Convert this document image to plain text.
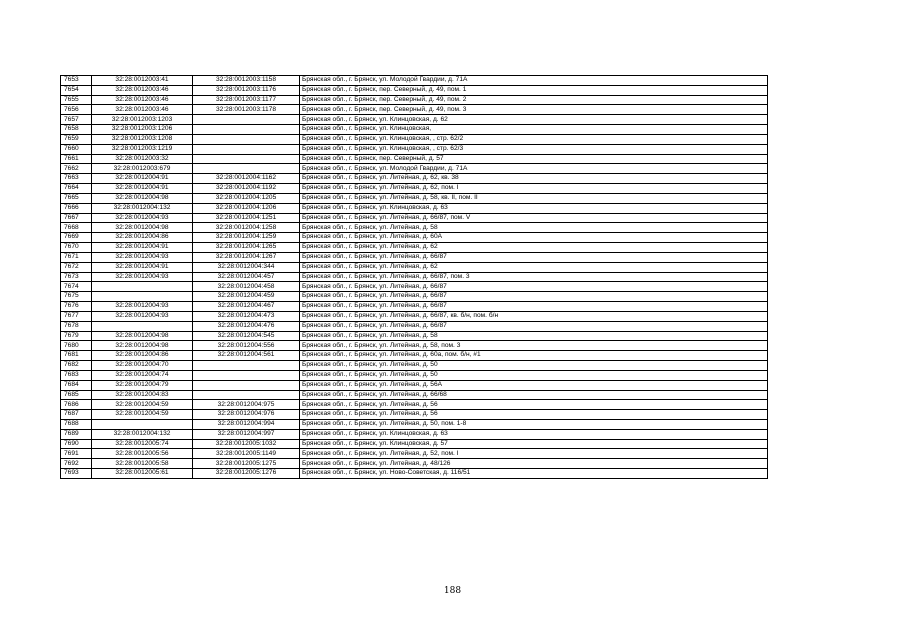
7653	32:28:0012003:41	32:28:0012003:1158	Брянская обл., г. Брянск, ул. Молодой Гвардии, д. 71А
7654	32:28:0012003:46	32:28:0012003:1176	Брянская обл., г. Брянск, пер. Северный, д. 49, пом. 1
7655	32:28:0012003:46	32:28:0012003:1177	Брянская обл., г. Брянск, пер. Северный, д. 49, пом. 2
7656	32:28:0012003:46	32:28:0012003:1178	Брянская обл., г. Брянск, пер. Северный, д. 49, пом. 3
7657	32:28:0012003:1203		Брянская обл., г. Брянск, ул. Клинцовская, д. 62
7658	32:28:0012003:1206		Брянская обл., г. Брянск, ул. Клинцовская,
7659	32:28:0012003:1208		Брянская обл., г. Брянск, ул. Клинцовская, , стр. 62/2
7660	32:28:0012003:1219		Брянская обл., г. Брянск, ул. Клинцовская, , стр. 62/3
7661	32:28:0012003:32		Брянская обл., г. Брянск, пер. Северный, д. 57
7662	32:28:0012003:679		Брянская обл., г. Брянск, ул. Молодой Гвардии, д. 71А
7663	32:28:0012004:91	32:28:0012004:1162	Брянская обл., г. Брянск, ул. Литейная, д. 62, кв. 38
7664	32:28:0012004:91	32:28:0012004:1192	Брянская обл., г. Брянск, ул. Литейная, д. 62, пом. I
7665	32:28:0012004:98	32:28:0012004:1205	Брянская обл., г. Брянск, ул. Литейная, д. 58, кв. II, пом. II
7666	32:28:0012004:132	32:28:0012004:1206	Брянская обл., г. Брянск, ул. Клинцовская, д. 63
7667	32:28:0012004:93	32:28:0012004:1251	Брянская обл., г. Брянск, ул. Литейная, д. 66/87, пом. V
7668	32:28:0012004:98	32:28:0012004:1258	Брянская обл., г. Брянск, ул. Литейная, д. 58
7669	32:28:0012004:86	32:28:0012004:1259	Брянская обл., г. Брянск, ул. Литейная, д. 60А
7670	32:28:0012004:91	32:28:0012004:1265	Брянская обл., г. Брянск, ул. Литейная, д. 62
7671	32:28:0012004:93	32:28:0012004:1267	Брянская обл., г. Брянск, ул. Литейная, д. 66/87
7672	32:28:0012004:91	32:28:0012004:344	Брянская обл., г. Брянск, ул. Литейная, д. 62
7673	32:28:0012004:93	32:28:0012004:457	Брянская обл., г. Брянск, ул. Литейная, д. 66/87, пом. 3
7674		32:28:0012004:458	Брянская обл., г. Брянск, ул. Литейная, д. 66/87
7675		32:28:0012004:459	Брянская обл., г. Брянск, ул. Литейная, д. 66/87
7676	32:28:0012004:93	32:28:0012004:467	Брянская обл., г. Брянск, ул. Литейная, д. 66/87
7677	32:28:0012004:93	32:28:0012004:473	Брянская обл., г. Брянск, ул. Литейная, д. 66/87, кв. б/н, пом. б/н
7678		32:28:0012004:476	Брянская обл., г. Брянск, ул. Литейная, д. 66/87
7679	32:28:0012004:98	32:28:0012004:545	Брянская обл., г. Брянск, ул. Литейная, д. 58
7680	32:28:0012004:98	32:28:0012004:556	Брянская обл., г. Брянск, ул. Литейная, д. 58, пом. 3
7681	32:28:0012004:86	32:28:0012004:561	Брянская обл., г. Брянск, ул. Литейная, д. 60а, пом. б/н, #1
7682	32:28:0012004:70		Брянская обл., г. Брянск, ул. Литейная, д. 50
7683	32:28:0012004:74		Брянская обл., г. Брянск, ул. Литейная, д. 50
7684	32:28:0012004:79		Брянская обл., г. Брянск, ул. Литейная, д. 56А
7685	32:28:0012004:83		Брянская обл., г. Брянск, ул. Литейная, д. 66/68
7686	32:28:0012004:59	32:28:0012004:975	Брянская обл., г. Брянск, ул. Литейная, д. 56
7687	32:28:0012004:59	32:28:0012004:976	Брянская обл., г. Брянск, ул. Литейная, д. 56
7688		32:28:0012004:994	Брянская обл., г. Брянск, ул. Литейная, д. 50, пом. 1-8
7689	32:28:0012004:132	32:28:0012004:997	Брянская обл., г. Брянск, ул. Клинцовская, д. 63
7690	32:28:0012005:74	32:28:0012005:1032	Брянская обл., г. Брянск, ул. Клинцовская, д. 57
7691	32:28:0012005:56	32:28:0012005:1149	Брянская обл., г. Брянск, ул. Литейная, д. 52, пом. I
7692	32:28:0012005:58	32:28:0012005:1275	Брянская обл., г. Брянск, ул. Литейная, д. 48/126
7693	32:28:0012005:61	32:28:0012005:1276	Брянская обл., г. Брянск, ул. Ново-Советская, д. 116/51
188
